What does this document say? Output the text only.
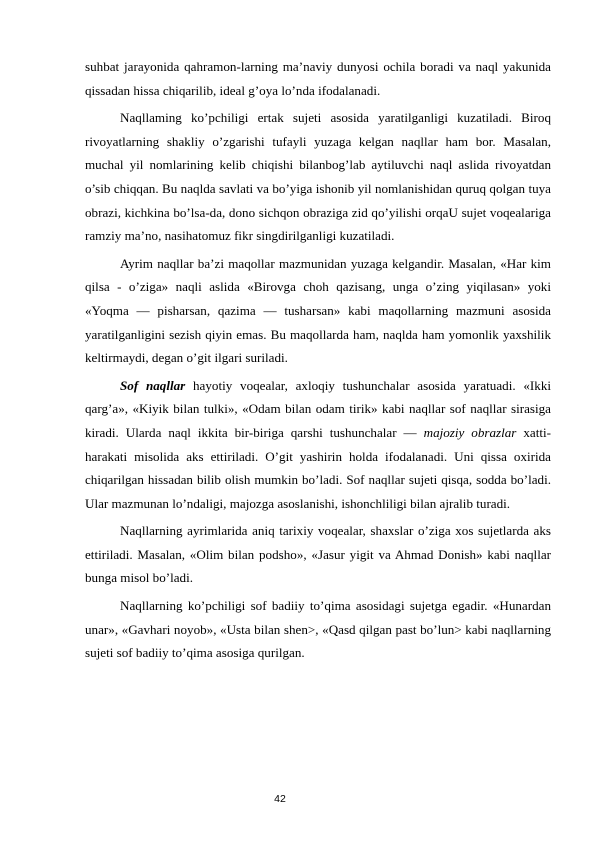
suhbat jarayonida qahramon-larning ma’naviy dunyosi ochila boradi va naql yakunida qissadan hissa chiqarilib, ideal g’oya lo’nda ifodalanadi.

Naqllaming ko’pchiligi ertak sujeti asosida yaratilganligi kuzatiladi. Biroq rivoyatlarning shakliy o’zgarishi tufayli yuzaga kelgan naqllar ham bor. Masalan, muchal yil nomlarining kelib chiqishi bilanbog’lab aytiluvchi naql aslida rivoyatdan o’sib chiqqan. Bu naqlda savlati va bo’yiga ishonib yil nomlanishidan quruq qolgan tuya obrazi, kichkina bo’lsa-da, dono sichqon obraziga zid qo’yilishi orqaU sujet voqealariga ramziy ma’no, nasihatomuz fikr singdirilganligi kuzatiladi.

Ayrim naqllar ba’zi maqollar mazmunidan yuzaga kelgandir. Masalan, «Har kim qilsa - o’ziga» naqli aslida «Birovga choh qazisang, unga o’zing yiqilasan» yoki «Yoqma — pisharsan, qazima — tusharsan» kabi maqollarning mazmuni asosida yaratilganligini sezish qiyin emas. Bu maqollarda ham, naqlda ham yomonlik yaxshilik keltirmaydi, degan o’git ilgari suriladi.

Sof naqllar hayotiy voqealar, axloqiy tushunchalar asosida yaratuadi. «Ikki qarg’a», «Kiyik bilan tulki», «Odam bilan odam tirik» kabi naqllar sof naqllar sirasiga kiradi. Ularda naql ikkita bir-biriga qarshi tushunchalar — majoziy obrazlar xatti-harakati misolida aks ettiriladi. O’git yashirin holda ifodalanadi. Uni qissa oxirida chiqarilgan hissadan bilib olish mumkin bo’ladi. Sof naqllar sujeti qisqa, sodda bo’ladi. Ular mazmunan lo’ndaligi, majozga asoslanishi, ishonchliligi bilan ajralib turadi.

Naqllarning ayrimlarida aniq tarixiy voqealar, shaxslar o’ziga xos sujetlarda aks ettiriladi. Masalan, «Olim bilan podsho», «Jasur yigit va Ahmad Donish» kabi naqllar bunga misol bo’ladi.

Naqllarning ko’pchiligi sof badiiy to’qima asosidagi sujetga egadir. «Hunardan unar», «Gavhari noyob», «Usta bilan shen>, «Qasd qilgan past bo’lun> kabi naqllarning sujeti sof badiiy to’qima asosiga qurilgan.

42
